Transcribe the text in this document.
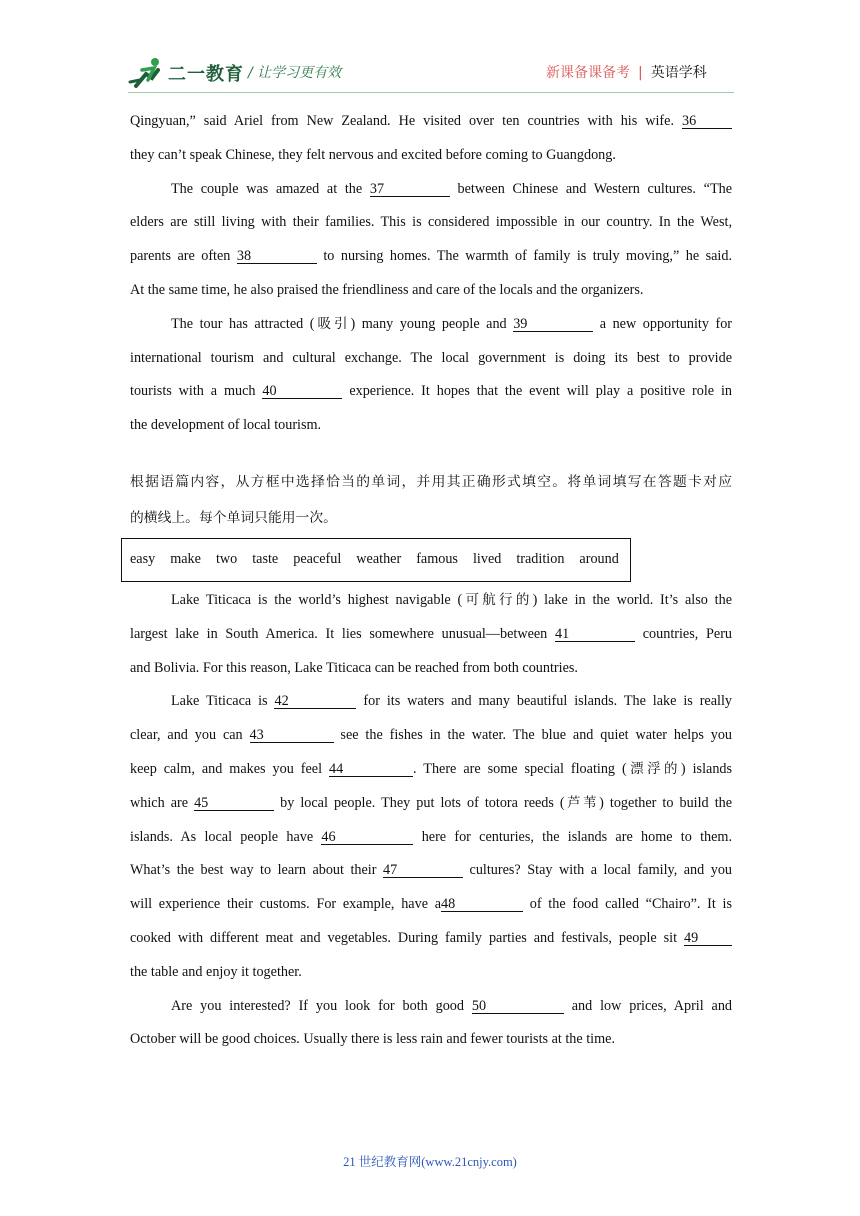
二一教育 / 让学习更有效	新课备课备考 | 英语学科
Qingyuan,” said Ariel from New Zealand. He visited over ten countries with his wife. 36
they can’t speak Chinese, they felt nervous and excited before coming to Guangdong.
The couple was amazed at the 37	between Chinese and Western cultures. “The
elders are still living with their families. This is considered impossible in our country. In the West,
parents are often 38	to nursing homes. The warmth of family is truly moving,” he said.
At the same time, he also praised the friendliness and care of the locals and the organizers.
The tour has attracted (吸引) many young people and 39	a new opportunity for
international tourism and cultural exchange. The local government is doing its best to provide
tourists with a much 40	experience. It hopes that the event will play a positive role in
the development of local tourism.
根据语篇内容，从方框中选择恰当的单词，并用其正确形式填空。将单词填写在答题卡对应
的横线上。每个单词只能用一次。
easy make two taste peaceful weather famous lived tradition around
Lake Titicaca is the world’s highest navigable (可航行的) lake in the world. It’s also the
largest lake in South America. It lies somewhere unusual—between 41	countries, Peru
and Bolivia. For this reason, Lake Titicaca can be reached from both countries.
Lake Titicaca is 42	for its waters and many beautiful islands. The lake is really
clear, and you can 43	see the fishes in the water. The blue and quiet water helps you
keep calm, and makes you feel 44	. There are some special floating (漂浮的) islands
which are 45	by local people. They put lots of totora reeds (芦苇) together to build the
islands. As local people have 46	here for centuries, the islands are home to them.
What’s the best way to learn about their 47	cultures? Stay with a local family, and you
will experience their customs. For example, have a48	of the food called “Chairo”. It is
cooked with different meat and vegetables. During family parties and festivals, people sit 49
the table and enjoy it together.
Are you interested? If you look for both good 50	and low prices, April and
October will be good choices. Usually there is less rain and fewer tourists at the time.
21 世纪教育网(www.21cnjy.com)
